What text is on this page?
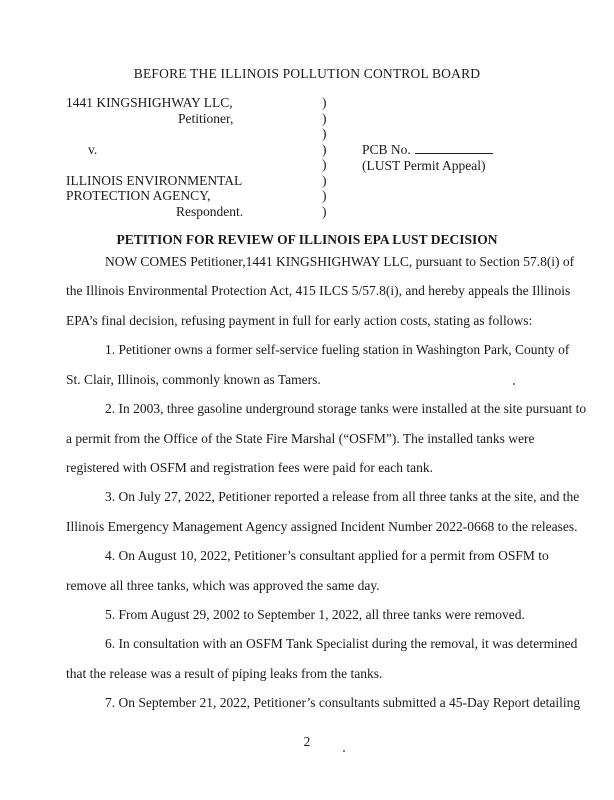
BEFORE THE ILLINOIS POLLUTION CONTROL BOARD
1441 KINGSHIGHWAY LLC,
Petitioner,
v.
ILLINOIS ENVIRONMENTAL
PROTECTION AGENCY,
Respondent.
)
)
)
)
)
)
)
)
PCB No.
(LUST Permit Appeal)
PETITION FOR REVIEW OF ILLINOIS EPA LUST DECISION
NOW COMES Petitioner,1441 KINGSHIGHWAY LLC, pursuant to Section 57.8(i) of
the Illinois Environmental Protection Act, 415 ILCS 5/57.8(i), and hereby appeals the Illinois
EPA’s final decision, refusing payment in full for early action costs, stating as follows:
1. Petitioner owns a former self-service fueling station in Washington Park, County of
St. Clair, Illinois, commonly known as Tamers.
2. In 2003, three gasoline underground storage tanks were installed at the site pursuant to
a permit from the Office of the State Fire Marshal (“OSFM”). The installed tanks were
registered with OSFM and registration fees were paid for each tank.
3. On July 27, 2022, Petitioner reported a release from all three tanks at the site, and the
Illinois Emergency Management Agency assigned Incident Number 2022-0668 to the releases.
4. On August 10, 2022, Petitioner’s consultant applied for a permit from OSFM to
remove all three tanks, which was approved the same day.
5. From August 29, 2002 to September 1, 2022, all three tanks were removed.
6. In consultation with an OSFM Tank Specialist during the removal, it was determined
that the release was a result of piping leaks from the tanks.
7. On September 21, 2022, Petitioner’s consultants submitted a 45-Day Report detailing
2
